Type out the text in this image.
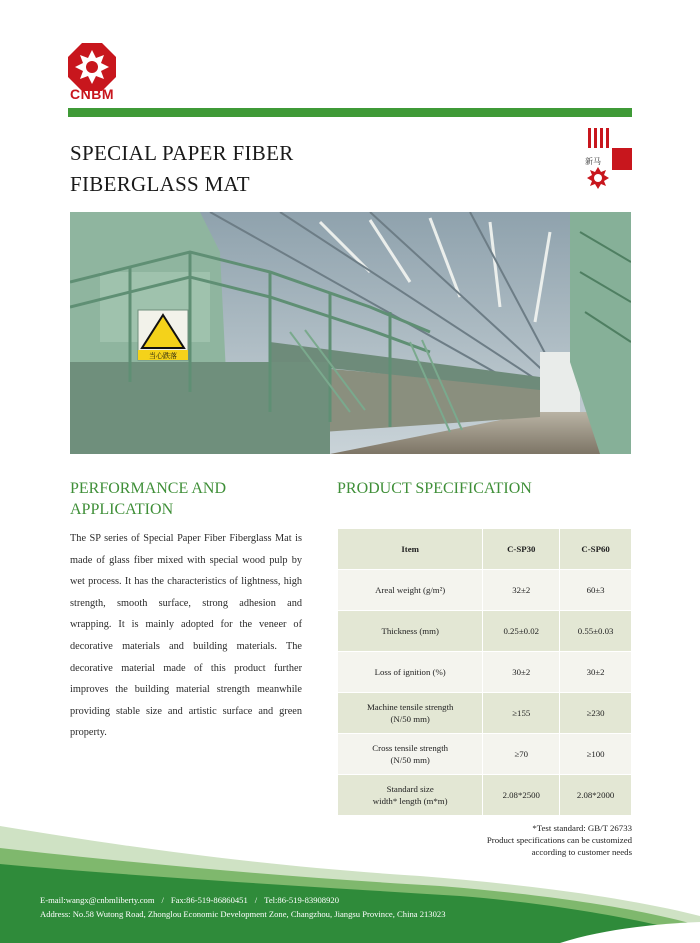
CNBM
SPECIAL PAPER FIBER
FIBERGLASS MAT
新马
当心跌落
PERFORMANCE AND
APPLICATION
The SP series of Special Paper Fiber Fiberglass Mat is made of glass fiber mixed with special wood pulp by wet process. It has the characteristics of lightness, high strength, smooth surface, strong adhesion and wrapping. It is mainly adopted for the veneer of decorative materials and building materials. The decorative material made of this product further improves the building material strength meanwhile providing stable size and artistic surface and green property.
PRODUCT SPECIFICATION
Item	C-SP30	C-SP60
Areal weight (g/m²)	32±2	60±3
Thickness (mm)	0.25±0.02	0.55±0.03
Loss of ignition (%)	30±2	30±2

Machine tensile strength
(N/50 mm)	≥155	≥230

Cross tensile strength
(N/50 mm)	≥70	≥100

Standard size
width* length (m*m)	2.08*2500	2.08*2000
*Test standard: GB/T 26733
Product specifications can be customized
according to customer needs
E-mail:wangx@cnbmliberty.com / Fax:86-519-86860451 / Tel:86-519-83908920
Address: No.58 Wutong Road, Zhonglou Economic Development Zone, Changzhou, Jiangsu Province, China 213023
